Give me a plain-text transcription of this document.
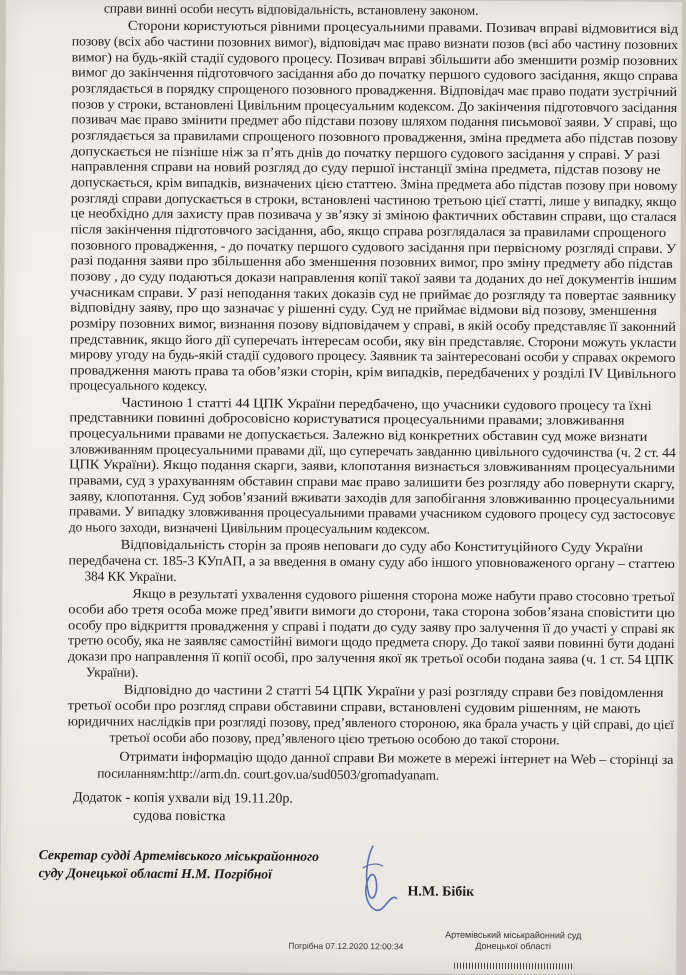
справи винні особи несуть відповідальність, встановлену законом.
Сторони користуються рівними процесуальними правами. Позивач вправі відмовитися від
позову (всіх або частини позовних вимог), відповідач має право визнати позов (всі або частину позовних
вимог) на будь-якій стадії судового процесу. Позивач вправі збільшити або зменшити розмір позовних
вимог до закінчення підготовчого засідання або до початку першого судового засідання, якщо справа
розглядається в порядку спрощеного позовного провадження. Відповідач має право подати зустрічний
позов у строки, встановлені Цивільним процесуальним кодексом. До закінчення підготовчого засідання
позивач має право змінити предмет або підстави позову шляхом подання письмової заяви. У справі, що
розглядається за правилами спрощеного позовного провадження, зміна предмета або підстав позову
допускається не пізніше ніж за п’ять днів до початку першого судового засідання у справі. У разі
направлення справи на новий розгляд до суду першої інстанції зміна предмета, підстав позову не
допускається, крім випадків, визначених цією статтею. Зміна предмета або підстав позову при новому
розгляді справи допускається в строки, встановлені частиною третьою цієї статті, лише у випадку, якщо
це необхідно для захисту прав позивача у зв’язку зі зміною фактичних обставин справи, що сталася
після закінчення підготовчого засідання, або, якщо справа розглядалася за правилами спрощеного
позовного провадження, - до початку першого судового засідання при первісному розгляді справи. У
разі подання заяви про збільшення або зменшення позовних вимог, про зміну предмету або підстав
позову , до суду подаються докази направлення копії такої заяви та доданих до неї документів іншим
учасникам справи. У разі неподання таких доказів суд не приймає до розгляду та повертає заявнику
відповідну заяву, про що зазначає у рішенні суду. Суд не приймає відмови від позову, зменшення
розміру позовних вимог, визнання позову відповідачем у справі, в якій особу представляє її законний
представник, якщо його дії суперечать інтересам особи, яку він представляє. Сторони можуть укласти
мирову угоду на будь-якій стадії судового процесу. Заявник та заінтересовані особи у справах окремого
провадження мають права та обов’язки сторін, крім випадків, передбачених у розділі IV Цивільного
процесуального кодексу.
Частиною 1 статті 44 ЦПК України передбачено, що учасники судового процесу та їхні
представники повинні добросовісно користуватися процесуальними правами; зловживання
процесуальними правами не допускається. Залежно від конкретних обставин суд може визнати
зловживанням процесуальними правами дії, що суперечать завданню цивільного судочинства (ч. 2 ст. 44
ЦПК України). Якщо подання скарги, заяви, клопотання визнається зловживанням процесуальними
правами, суд з урахуванням обставин справи має право залишити без розгляду або повернути скаргу,
заяву, клопотання. Суд зобов’язаний вживати заходів для запобігання зловживанню процесуальними
правами. У випадку зловживання процесуальними правами учасником судового процесу суд застосовує
до нього заходи, визначені Цивільним процесуальним кодексом.
Відповідальність сторін за прояв неповаги до суду або Конституційного Суду України
передбачена ст. 185-3 КУпАП, а за введення в оману суду або іншого уповноваженого органу – статтею
384 КК України.
Якщо в результаті ухвалення судового рішення сторона може набути право стосовно третьої
особи або третя особа може пред’явити вимоги до сторони, така сторона зобов’язана сповістити цю
особу про відкриття провадження у справі і подати до суду заяву про залучення її до участі у справі як
третю особу, яка не заявляє самостійні вимоги щодо предмета спору. До такої заяви повинні бути додані
докази про направлення її копії особі, про залучення якої як третьої особи подана заява (ч. 1 ст. 54 ЦПК
України).
Відповідно до частини 2 статті 54 ЦПК України у разі розгляду справи без повідомлення
третьої особи про розгляд справи обставини справи, встановлені судовим рішенням, не мають
юридичних наслідків при розгляді позову, пред’явленого стороною, яка брала участь у цій справі, до цієї
третьої особи або позову, пред’явленого цією третьою особою до такої сторони.
Отримати інформацію щодо данної справи Ви можете в мережі інтернет на Web – сторінці за
посиланням:http://arm.dn. court.gov.ua/sud0503/gromadyanam.
Додаток - копія ухвали від 19.11.20р.
судова повістка
Секретар судді Артемівського міськрайонного
суду Донецької області Н.М. Погрібної
Н.М. Бібік
Погрібна 07.12.2020 12:00:34
Артемівський міськрайонний суд
Донецької області
